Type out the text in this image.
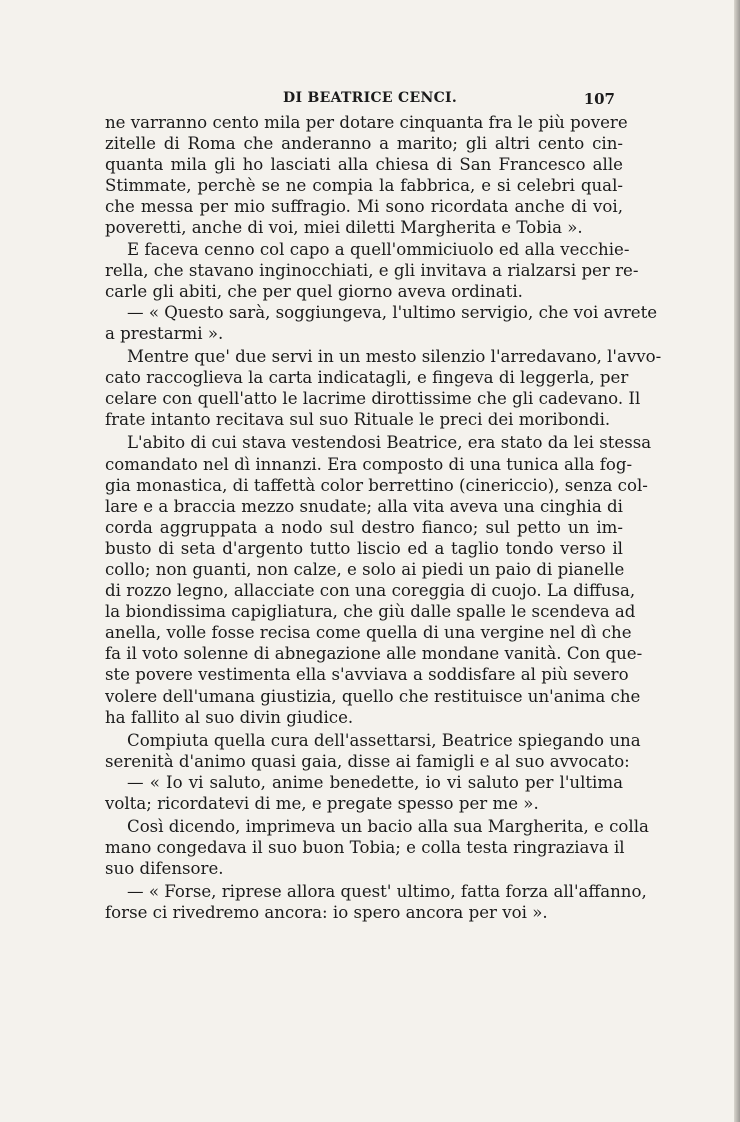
DI BEATRICE CENCI.	107
ne varranno cento mila per dotare cinquanta fra le più povere
zitelle di Roma che anderanno a marito; gli altri cento cin-
quanta mila gli ho lasciati alla chiesa di San Francesco alle
Stimmate, perchè se ne compia la fabbrica, e si celebri qual-
che messa per mio suffragio. Mi sono ricordata anche di voi,
poveretti, anche di voi, miei diletti Margherita e Tobia ».
E faceva cenno col capo a quell'ommiciuolo ed alla vecchie-
rella, che stavano inginocchiati, e gli invitava a rialzarsi per re-
carle gli abiti, che per quel giorno aveva ordinati.
— « Questo sarà, soggiungeva, l'ultimo servigio, che voi avrete
a prestarmi ».
Mentre que' due servi in un mesto silenzio l'arredavano, l'avvo-
cato raccoglieva la carta indicatagli, e fingeva di leggerla, per
celare con quell'atto le lacrime dirottissime che gli cadevano. Il
frate intanto recitava sul suo Rituale le preci dei moribondi.
L'abito di cui stava vestendosi Beatrice, era stato da lei stessa
comandato nel dì innanzi. Era composto di una tunica alla fog-
gia monastica, di taffettà color berrettino (cinericcio), senza col-
lare e a braccia mezzo snudate; alla vita aveva una cinghia di
corda aggruppata a nodo sul destro fianco; sul petto un im-
busto di seta d'argento tutto liscio ed a taglio tondo verso il
collo; non guanti, non calze, e solo ai piedi un paio di pianelle
di rozzo legno, allacciate con una coreggia di cuojo. La diffusa,
la biondissima capigliatura, che giù dalle spalle le scendeva ad
anella, volle fosse recisa come quella di una vergine nel dì che
fa il voto solenne di abnegazione alle mondane vanità. Con que-
ste povere vestimenta ella s'avviava a soddisfare al più severo
volere dell'umana giustizia, quello che restituisce un'anima che
ha fallito al suo divin giudice.
Compiuta quella cura dell'assettarsi, Beatrice spiegando una
serenità d'animo quasi gaia, disse ai famigli e al suo avvocato:
— « Io vi saluto, anime benedette, io vi saluto per l'ultima
volta; ricordatevi di me, e pregate spesso per me ».
Così dicendo, imprimeva un bacio alla sua Margherita, e colla
mano congedava il suo buon Tobia; e colla testa ringraziava il
suo difensore.
— « Forse, riprese allora quest' ultimo, fatta forza all'affanno,
forse ci rivedremo ancora: io spero ancora per voi ».
